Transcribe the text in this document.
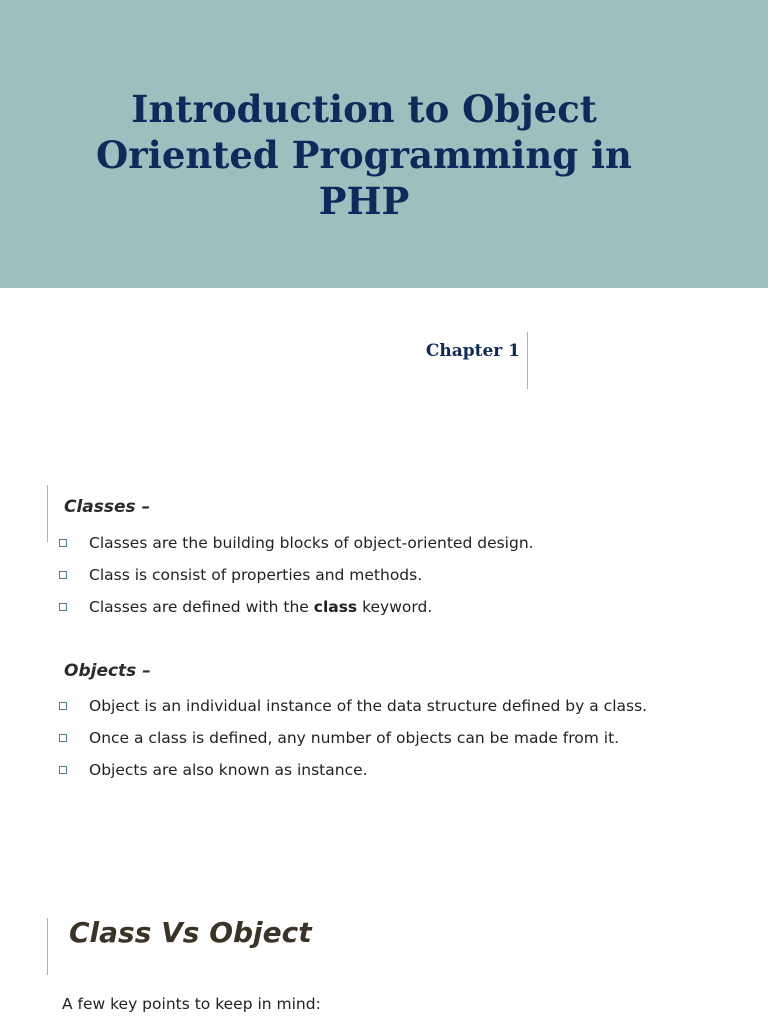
Introduction to Object
Oriented Programming in
PHP
Chapter 1
Classes –
Classes are the building blocks of object-oriented design.
Class is consist of properties and methods.
Classes are defined with the class keyword.
Objects –
Object is an individual instance of the data structure defined by a class.
Once a class is defined, any number of objects can be made from it.
Objects are also known as instance.
Class Vs Object
A few key points to keep in mind:
